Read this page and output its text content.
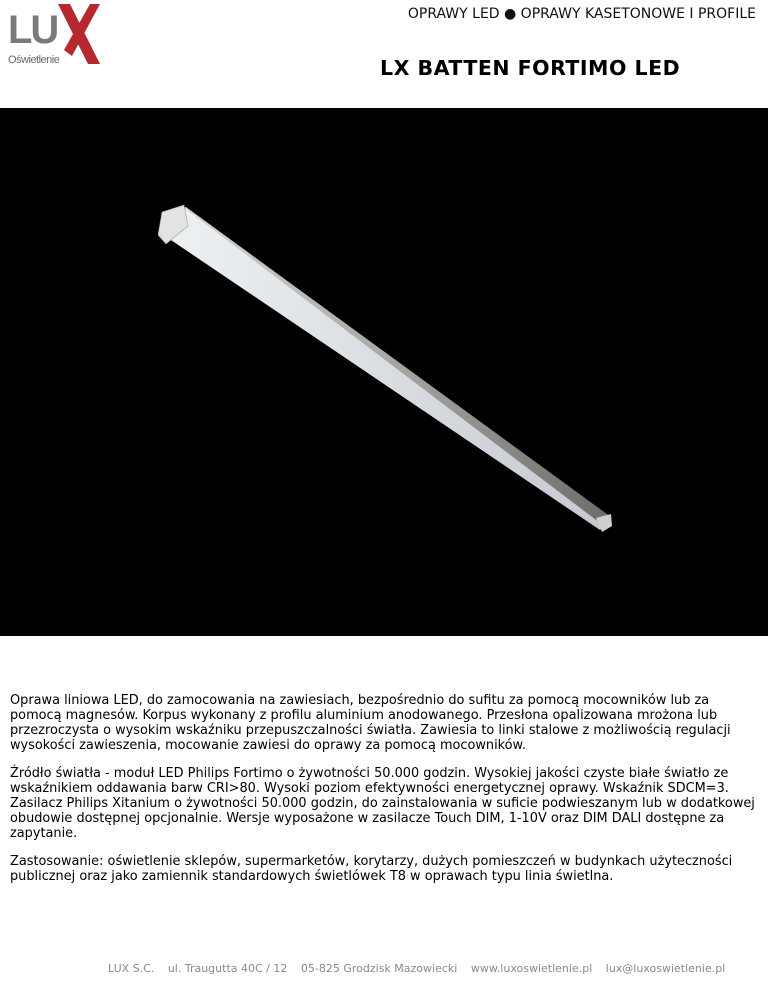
LU
Oświetlenie
OPRAWY LED ● OPRAWY KASETONOWE I PROFILE
LX BATTEN FORTIMO LED

Oprawa liniowa LED, do zamocowania na zawiesiach, bezpośrednio do sufitu za pomocą mocowników lub za pomocą magnesów. Korpus wykonany z profilu aluminium anodowanego. Przesłona opalizowana mrożona lub przezroczysta o wysokim wskaźniku przepuszczalności światła. Zawiesia to linki stalowe z możliwością regulacji wysokości zawieszenia, mocowanie zawiesi do oprawy za pomocą mocowników.

Źródło światła - moduł LED Philips Fortimo o żywotności 50.000 godzin. Wysokiej jakości czyste białe światło ze wskaźnikiem oddawania barw CRI>80. Wysoki poziom efektywności energetycznej oprawy. Wskaźnik SDCM=3. Zasilacz Philips Xitanium o żywotności 50.000 godzin, do zainstalowania w suficie podwieszanym lub w dodatkowej obudowie dostępnej opcjonalnie. Wersje wyposażone w zasilacze Touch DIM, 1-10V oraz DIM DALI dostępne za zapytanie.

Zastosowanie: oświetlenie sklepów, supermarketów, korytarzy, dużych pomieszczeń w budynkach użyteczności publicznej oraz jako zamiennik standardowych świetlówek T8 w oprawach typu linia świetlna.

LUX S.C. ul. Traugutta 40C / 12 05-825 Grodzisk Mazowiecki www.luxoswietlenie.pl lux@luxoswietlenie.pl
